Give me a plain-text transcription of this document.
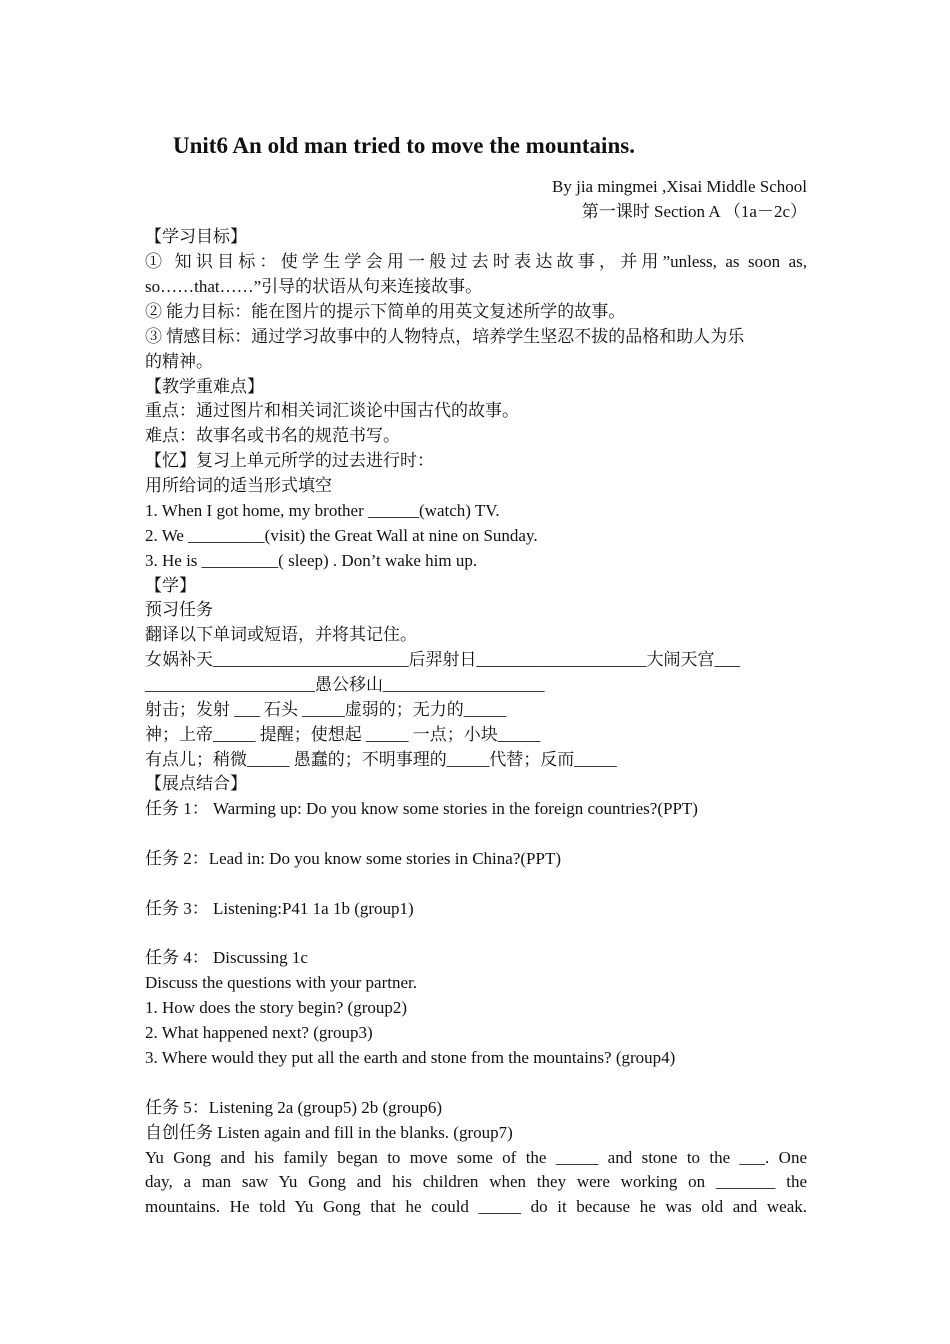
Unit6 An old man tried to move the mountains.
By jia mingmei ,Xisai Middle School
第一课时 Section A （1a－2c）
【学习目标】
① 知识目标：使学生学会用一般过去时表达故事，并用”unless, as soon as,
so……that……”引导的状语从句来连接故事。
② 能力目标：能在图片的提示下简单的用英文复述所学的故事。
③ 情感目标：通过学习故事中的人物特点，培养学生坚忍不拔的品格和助人为乐
的精神。
【教学重难点】
重点：通过图片和相关词汇谈论中国古代的故事。
难点：故事名或书名的规范书写。
【忆】复习上单元所学的过去进行时：
用所给词的适当形式填空
1. When I got home, my brother ______(watch) TV.
2. We _________(visit) the Great Wall at nine on Sunday.
3. He is _________( sleep) . Don’t wake him up.
【学】
预习任务
翻译以下单词或短语，并将其记住。
女娲补天_______________________后羿射日____________________大闹天宫___
____________________愚公移山___________________
射击；发射 ___ 石头 _____虚弱的；无力的_____
神；上帝_____ 提醒；使想起 _____ 一点；小块_____
有点儿；稍微_____ 愚蠢的；不明事理的_____代替；反而_____
【展点结合】
任务 1： Warming up: Do you know some stories in the foreign countries?(PPT)
任务 2：Lead in: Do you know some stories in China?(PPT)
任务 3： Listening:P41 1a 1b (group1)
任务 4： Discussing 1c
Discuss the questions with your partner.
1. How does the story begin? (group2)
2. What happened next? (group3)
3. Where would they put all the earth and stone from the mountains? (group4)
任务 5：Listening 2a (group5) 2b (group6)
自创任务 Listen again and fill in the blanks. (group7)
Yu Gong and his family began to move some of the _____ and stone to the ___. One
day, a man saw Yu Gong and his children when they were working on _______ the
mountains. He told Yu Gong that he could _____ do it because he was old and weak.
